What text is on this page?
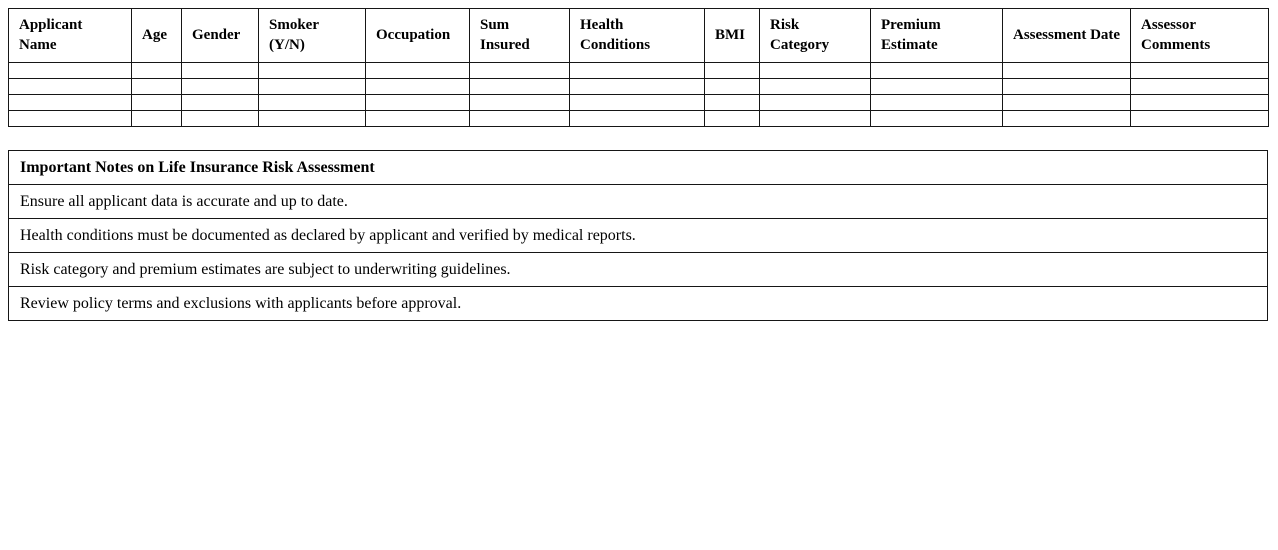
Applicant Name	Age	Gender	Smoker (Y/N)	Occupation	Sum Insured	Health Conditions	BMI	Risk Category	Premium Estimate	Assessment Date	Assessor Comments

Important Notes on Life Insurance Risk Assessment
Ensure all applicant data is accurate and up to date.
Health conditions must be documented as declared by applicant and verified by medical reports.
Risk category and premium estimates are subject to underwriting guidelines.
Review policy terms and exclusions with applicants before approval.
